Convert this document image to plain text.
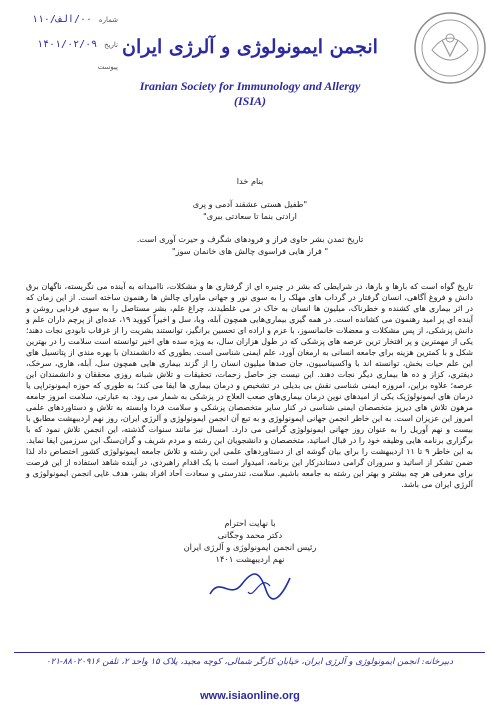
انجمن ایمونولوژی و آلرژی ایران
Iranian Society for Immunology and Allergy (ISIA)
شماره ۰۰/الف/۱۱۰
تاریخ ۱۴۰۱/۰۲/۰۹
پیوست
بنام خدا
"طفیل هستی عشقند آدمی و پری
ارادتی بنما تا سعادتی ببری"
تاریخ تمدن بشر حاوی فراز و فرودهای شگرف و حیرت آوری است.
" فراز هایی فراسوی چالش های خانمان سوز"
تاریخ گواه است که بارها و بارها، در شرایطی که بشر در چنبره ای از گرفتاری ها و مشکلات، ناامیدانه به آینده می نگریسته، ناگهان برق دانش و فروغ آگاهی، انسان گرفتار در گرداب های مهلک را به سوی نور و جهانی ماورای چالش ها رهنمون ساخته است. از این زمان که در اثر بیماری های کشنده و خطرناک، میلیون ها انسان به خاک در می غلطیدند، چراغ علم، بشر مستاصل را به سوی فردایی روشن و آینده ای پر امید رهنمون می کشانده است. در همه گیری بیماری‌هایی همچون آبله، وبا، سل و اخیراً کووید ۱۹، عده‌ای از پرچم داران علم و دانش پزشکی، از پس مشکلات و معضلات خانمانسوز، با عزم و اراده ای تحسین برانگیز، توانستند بشریت را از غرقاب نابودی نجات دهند؛ یکی از مهمترین و پر افتخار ترین عرصه های پزشکی که در طول هزاران سال، به ویژه سده های اخیر توانسته است سلامت را در بهترین شکل و با کمترین هزینه برای جامعه انسانی به ارمغان آورد، علم ایمنی شناسی است. بطوری که دانشمندان با بهره مندی از پتانسیل های این علم حیات بخش، توانسته اند با واکسیناسیون، جان صدها میلیون انسان را از گزند بیماری هایی همچون سل، آبله، هاری، سرخک، دیفتری، کزاز و ده ها بیماری دیگر نجات دهند. این نیست جز حاصل زحمات، تحقیقات و تلاش شبانه روزی محققان و دانشمندان این عرصه؛ علاوه براین، امروزه ایمنی شناسی نقش بی بدیلی در تشخیص و درمان بیماری ها ایفا می کند؛ به طوری که حوزه ایمونوتراپی یا درمان های ایمونولوژیک یکی از امیدهای نوین درمان بیماری‌های صعب العلاج در پزشکی به شمار می رود. به عبارتی، سلامت امروز جامعه مرهون تلاش های دیرپز متخصصان ایمنی شناسی در کنار سایر متخصصان پزشکی و سلامت فردا وابسته به تلاش و دستاوردهای علمی امروز این عزیزان است. به این خاطر انجمن جهانی ایمونولوژی و به تبع آن انجمن ایمونولوژی و آلرژی ایران، روز نهم اردیبهشت مطابق با بیست و نهم آوریل را به عنوان روز جهانی ایمونولوژی گرامی می دارد. امسال نیز مانند سنوات گذشته، این انجمن تلاش نمود که با برگزاری برنامه هایی وظیفه خود را در قبال اساتید، متخصصان و دانشجویان این رشته و مردم شریف و گران‌سنگ این سرزمین ایفا نماید. به این خاطر ۹ تا ۱۱ اردیبهشت را برای بیان گوشه ای از دستاوردهای علمی این رشته و تلاش جامعه ایمونولوژی کشور اختصاص داد لذا ضمن تشکر از اساتید و سروران گرامی دستاندرکار این برنامه، امیدوار است با یک اقدام راهبردی، در آینده شاهد استفاده از این فرصت برای معرفی هر چه بیشتر و بهتر این رشته به جامعه باشیم. سلامت، تندرستی و سعادت آحاد افراد بشر، هدف غایی انجمن ایمونولوژی و آلرژی ایران می باشد.
با نهایت احترام
دکتر محمد وجگانی
رئیس انجمن ایمونولوژی و آلرژی ایران
نهم اردیبهشت ۱۴۰۱
دبیرخانه: انجمن ایمونولوژی و آلرژی ایران، خیابان کارگر شمالی، کوچه مجید، پلاک ۱۵ واحد ۲، تلفن ۸۸۰۲۰۹۱۶-۰۲۱
www.isiaonline.org
